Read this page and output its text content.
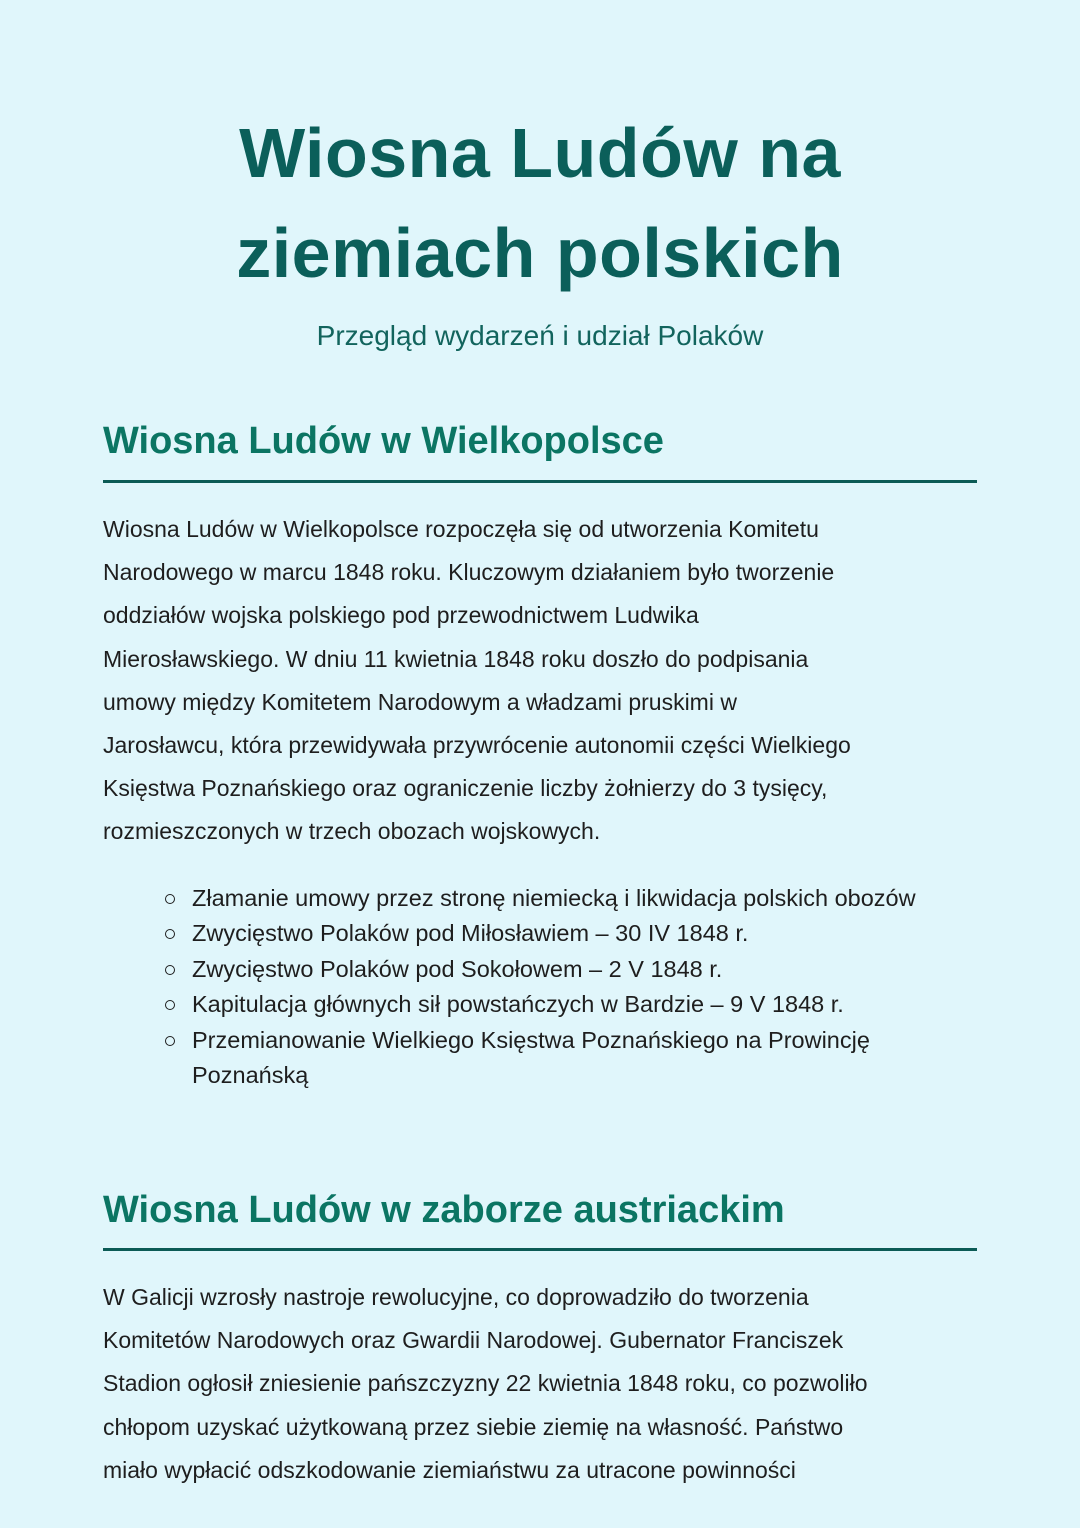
Wiosna Ludów na
ziemiach polskich
Przegląd wydarzeń i udział Polaków
Wiosna Ludów w Wielkopolsce
Wiosna Ludów w Wielkopolsce rozpoczęła się od utworzenia Komitetu
Narodowego w marcu 1848 roku. Kluczowym działaniem było tworzenie
oddziałów wojska polskiego pod przewodnictwem Ludwika
Mierosławskiego. W dniu 11 kwietnia 1848 roku doszło do podpisania
umowy między Komitetem Narodowym a władzami pruskimi w
Jarosławcu, która przewidywała przywrócenie autonomii części Wielkiego
Księstwa Poznańskiego oraz ograniczenie liczby żołnierzy do 3 tysięcy,
rozmieszczonych w trzech obozach wojskowych.
Złamanie umowy przez stronę niemiecką i likwidacja polskich obozów
Zwycięstwo Polaków pod Miłosławiem – 30 IV 1848 r.
Zwycięstwo Polaków pod Sokołowem – 2 V 1848 r.
Kapitulacja głównych sił powstańczych w Bardzie – 9 V 1848 r.
Przemianowanie Wielkiego Księstwa Poznańskiego na Prowincję Poznańską
Wiosna Ludów w zaborze austriackim
W Galicji wzrosły nastroje rewolucyjne, co doprowadziło do tworzenia
Komitetów Narodowych oraz Gwardii Narodowej. Gubernator Franciszek
Stadion ogłosił zniesienie pańszczyzny 22 kwietnia 1848 roku, co pozwoliło
chłopom uzyskać użytkowaną przez siebie ziemię na własność. Państwo
miało wypłacić odszkodowanie ziemiaństwu za utracone powinności
